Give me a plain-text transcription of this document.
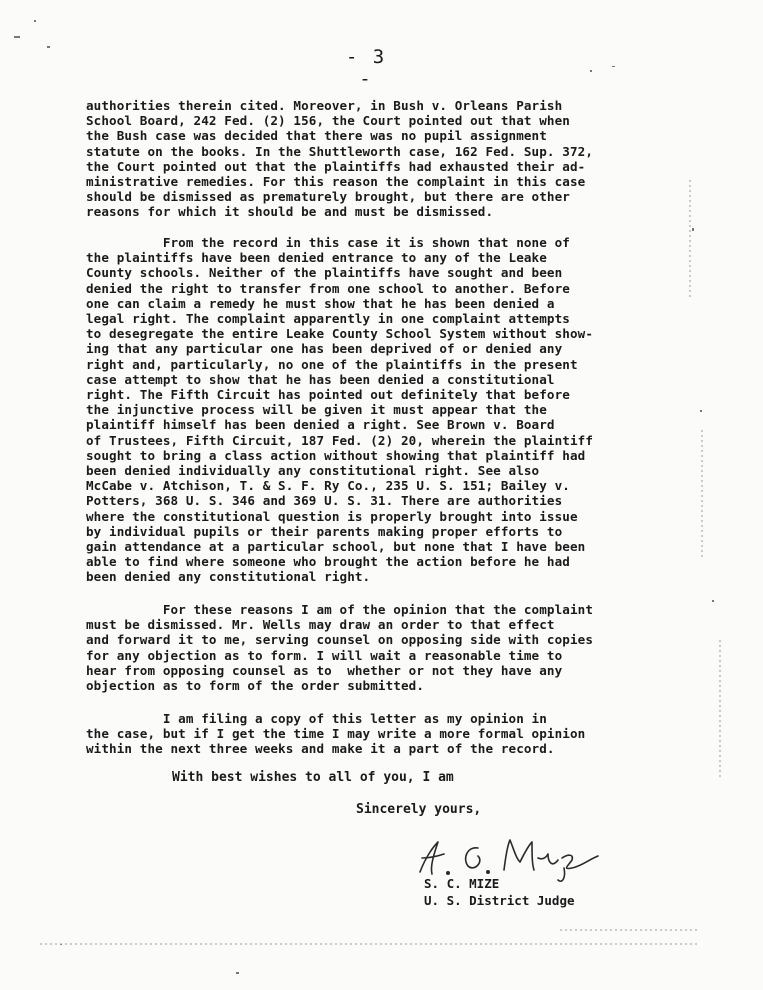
- 3 -

authorities therein cited. Moreover, in Bush v. Orleans Parish
School Board, 242 Fed. (2) 156, the Court pointed out that when
the Bush case was decided that there was no pupil assignment
statute on the books. In the Shuttleworth case, 162 Fed. Sup. 372,
the Court pointed out that the plaintiffs had exhausted their ad-
ministrative remedies. For this reason the complaint in this case
should be dismissed as prematurely brought, but there are other
reasons for which it should be and must be dismissed.

From the record in this case it is shown that none of
the plaintiffs have been denied entrance to any of the Leake
County schools. Neither of the plaintiffs have sought and been
denied the right to transfer from one school to another. Before
one can claim a remedy he must show that he has been denied a
legal right. The complaint apparently in one complaint attempts
to desegregate the entire Leake County School System without show-
ing that any particular one has been deprived of or denied any
right and, particularly, no one of the plaintiffs in the present
case attempt to show that he has been denied a constitutional
right. The Fifth Circuit has pointed out definitely that before
the injunctive process will be given it must appear that the
plaintiff himself has been denied a right. See Brown v. Board
of Trustees, Fifth Circuit, 187 Fed. (2) 20, wherein the plaintiff
sought to bring a class action without showing that plaintiff had
been denied individually any constitutional right. See also
McCabe v. Atchison, T. & S. F. Ry Co., 235 U. S. 151; Bailey v.
Potters, 368 U. S. 346 and 369 U. S. 31. There are authorities
where the constitutional question is properly brought into issue
by individual pupils or their parents making proper efforts to
gain attendance at a particular school, but none that I have been
able to find where someone who brought the action before he had
been denied any constitutional right.

For these reasons I am of the opinion that the complaint
must be dismissed. Mr. Wells may draw an order to that effect
and forward it to me, serving counsel on opposing side with copies
for any objection as to form. I will wait a reasonable time to
hear from opposing counsel as to  whether or not they have any
objection as to form of the order submitted.

I am filing a copy of this letter as my opinion in
the case, but if I get the time I may write a more formal opinion
within the next three weeks and make it a part of the record.

With best wishes to all of you, I am
Sincerely yours,
S. C. MIZE
U. S. District Judge
